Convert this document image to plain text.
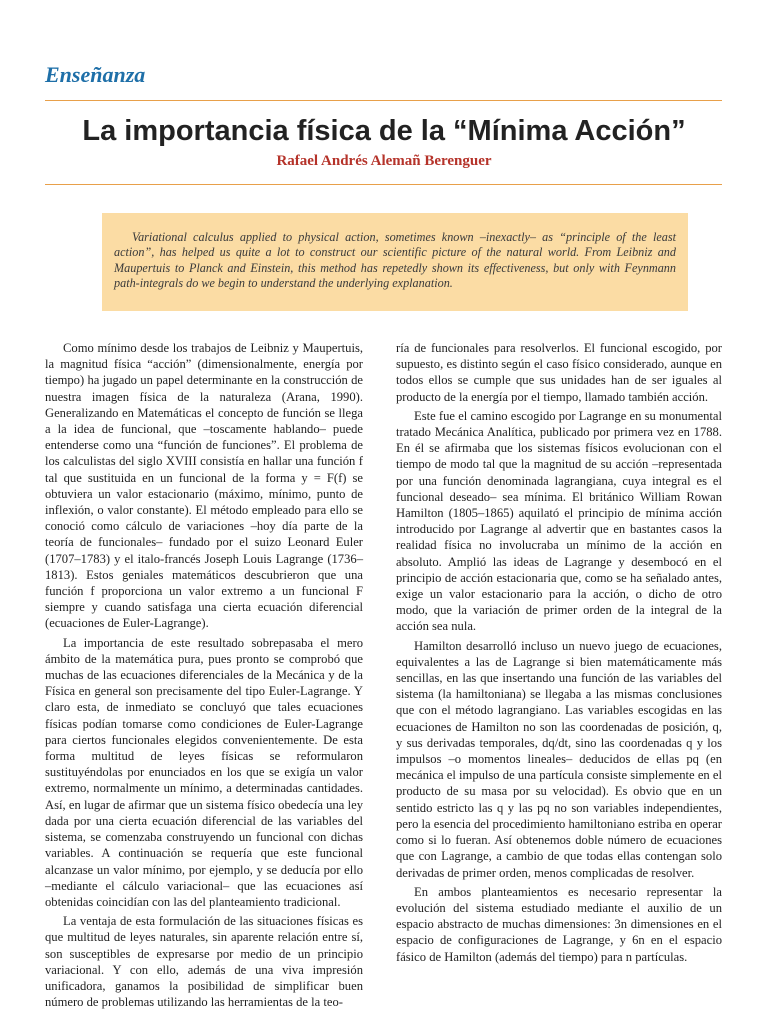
Enseñanza
La importancia física de la “Mínima Acción”
Rafael Andrés Alemañ Berenguer

Variational calculus applied to physical action, sometimes known –inexactly– as “principle of the least action”, has helped us quite a lot to construct our scientific picture of the natural world. From Leibniz and Maupertuis to Planck and Einstein, this method has repetedly shown its effectiveness, but only with Feynmann path-integrals do we begin to understand the underlying explanation.

Como mínimo desde los trabajos de Leibniz y Maupertuis, la magnitud física “acción” (dimensionalmente, energía por tiempo) ha jugado un papel determinante en la construcción de nuestra imagen física de la naturaleza (Arana, 1990). Generalizando en Matemáticas el concepto de función se llega a la idea de funcional, que –toscamente hablando– puede entenderse como una “función de funciones”. El problema de los calculistas del siglo XVIII consistía en hallar una función f tal que sustituida en un funcional de la forma y = F(f) se obtuviera un valor estacionario (máximo, mínimo, punto de inflexión, o valor constante). El método empleado para ello se conoció como cálculo de variaciones –hoy día parte de la teoría de funcionales– fundado por el suizo Leonard Euler (1707–1783) y el italo-francés Joseph Louis Lagrange (1736–1813). Estos geniales matemáticos descubrieron que una función f proporciona un valor extremo a un funcional F siempre y cuando satisfaga una cierta ecuación diferencial (ecuaciones de Euler-Lagrange).

La importancia de este resultado sobrepasaba el mero ámbito de la matemática pura, pues pronto se comprobó que muchas de las ecuaciones diferenciales de la Mecánica y de la Física en general son precisamente del tipo Euler-Lagrange. Y claro esta, de inmediato se concluyó que tales ecuaciones físicas podían tomarse como condiciones de Euler-Lagrange para ciertos funcionales elegidos convenientemente. De esta forma multitud de leyes físicas se reformularon sustituyéndolas por enunciados en los que se exigía un valor extremo, normalmente un mínimo, a determinadas cantidades. Así, en lugar de afirmar que un sistema físico obedecía una ley dada por una cierta ecuación diferencial de las variables del sistema, se comenzaba construyendo un funcional con dichas variables. A continuación se requería que este funcional alcanzase un valor mínimo, por ejemplo, y se deducía por ello –mediante el cálculo variacional– que las ecuaciones así obtenidas coincidían con las del planteamiento tradicional.

La ventaja de esta formulación de las situaciones físicas es que multitud de leyes naturales, sin aparente relación entre sí, son susceptibles de expresarse por medio de un principio variacional. Y con ello, además de una viva impresión unificadora, ganamos la posibilidad de simplificar buen número de problemas utilizando las herramientas de la teo-

ría de funcionales para resolverlos. El funcional escogido, por supuesto, es distinto según el caso físico considerado, aunque en todos ellos se cumple que sus unidades han de ser iguales al producto de la energía por el tiempo, llamado también acción.

Este fue el camino escogido por Lagrange en su monumental tratado Mecánica Analítica, publicado por primera vez en 1788. En él se afirmaba que los sistemas físicos evolucionan con el tiempo de modo tal que la magnitud de su acción –representada por una función denominada lagrangiana, cuya integral es el funcional deseado– sea mínima. El británico William Rowan Hamilton (1805–1865) aquilató el principio de mínima acción introducido por Lagrange al advertir que en bastantes casos la realidad física no involucraba un mínimo de la acción en absoluto. Amplió las ideas de Lagrange y desembocó en el principio de acción estacionaria que, como se ha señalado antes, exige un valor estacionario para la acción, o dicho de otro modo, que la variación de primer orden de la integral de la acción sea nula.

Hamilton desarrolló incluso un nuevo juego de ecuaciones, equivalentes a las de Lagrange si bien matemáticamente más sencillas, en las que insertando una función de las variables del sistema (la hamiltoniana) se llegaba a las mismas conclusiones que con el método lagrangiano. Las variables escogidas en las ecuaciones de Hamilton no son las coordenadas de posición, q, y sus derivadas temporales, dq/dt, sino las coordenadas q y los impulsos –o momentos lineales– deducidos de ellas pq (en mecánica el impulso de una partícula consiste simplemente en el producto de su masa por su velocidad). Es obvio que en un sentido estricto las q y las pq no son variables independientes, pero la esencia del procedimiento hamiltoniano estriba en operar como si lo fueran. Así obtenemos doble número de ecuaciones que con Lagrange, a cambio de que todas ellas contengan solo derivadas de primer orden, menos complicadas de resolver.

En ambos planteamientos es necesario representar la evolución del sistema estudiado mediante el auxilio de un espacio abstracto de muchas dimensiones: 3n dimensiones en el espacio de configuraciones de Lagrange, y 6n en el espacio fásico de Hamilton (además del tiempo) para n partículas.
